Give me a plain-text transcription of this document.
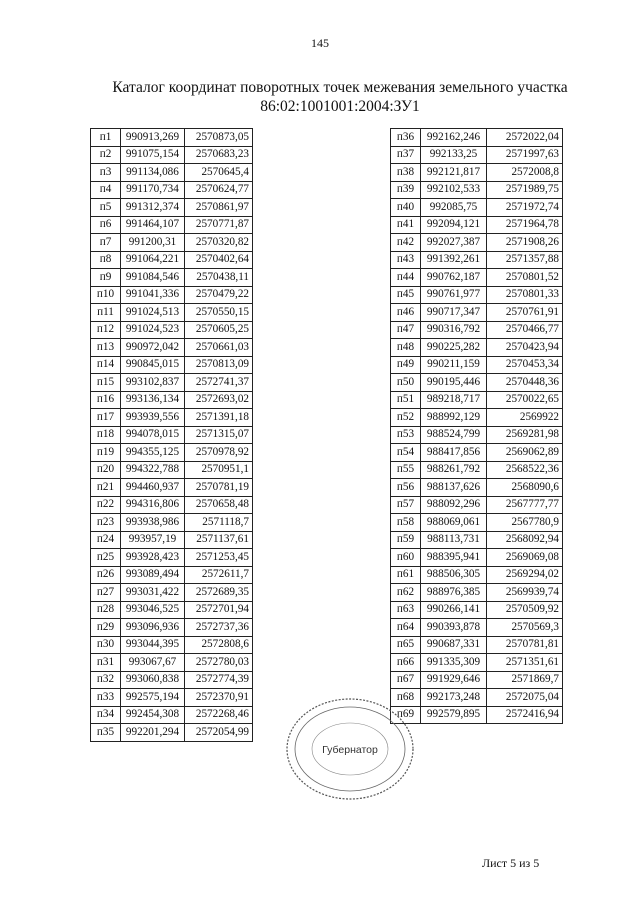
145
Каталог координат поворотных точек межевания земельного участка
86:02:1001001:2004:ЗУ1
п1	990913,269	2570873,05
п2	991075,154	2570683,23
п3	991134,086	2570645,4
п4	991170,734	2570624,77
п5	991312,374	2570861,97
п6	991464,107	2570771,87
п7	991200,31	2570320,82
п8	991064,221	2570402,64
п9	991084,546	2570438,11
п10	991041,336	2570479,22
п11	991024,513	2570550,15
п12	991024,523	2570605,25
п13	990972,042	2570661,03
п14	990845,015	2570813,09
п15	993102,837	2572741,37
п16	993136,134	2572693,02
п17	993939,556	2571391,18
п18	994078,015	2571315,07
п19	994355,125	2570978,92
п20	994322,788	2570951,1
п21	994460,937	2570781,19
п22	994316,806	2570658,48
п23	993938,986	2571118,7
п24	993957,19	2571137,61
п25	993928,423	2571253,45
п26	993089,494	2572611,7
п27	993031,422	2572689,35
п28	993046,525	2572701,94
п29	993096,936	2572737,36
п30	993044,395	2572808,6
п31	993067,67	2572780,03
п32	993060,838	2572774,39
п33	992575,194	2572370,91
п34	992454,308	2572268,46
п35	992201,294	2572054,99
п36	992162,246	2572022,04
п37	992133,25	2571997,63
п38	992121,817	2572008,8
п39	992102,533	2571989,75
п40	992085,75	2571972,74
п41	992094,121	2571964,78
п42	992027,387	2571908,26
п43	991392,261	2571357,88
п44	990762,187	2570801,52
п45	990761,977	2570801,33
п46	990717,347	2570761,91
п47	990316,792	2570466,77
п48	990225,282	2570423,94
п49	990211,159	2570453,34
п50	990195,446	2570448,36
п51	989218,717	2570022,65
п52	988992,129	2569922
п53	988524,799	2569281,98
п54	988417,856	2569062,89
п55	988261,792	2568522,36
п56	988137,626	2568090,6
п57	988092,296	2567777,77
п58	988069,061	2567780,9
п59	988113,731	2568092,94
п60	988395,941	2569069,08
п61	988506,305	2569294,02
п62	988976,385	2569939,74
п63	990266,141	2570509,92
п64	990393,878	2570569,3
п65	990687,331	2570781,81
п66	991335,309	2571351,61
п67	991929,646	2571869,7
п68	992173,248	2572075,04
п69	992579,895	2572416,94
Губернатор
Лист 5 из 5
